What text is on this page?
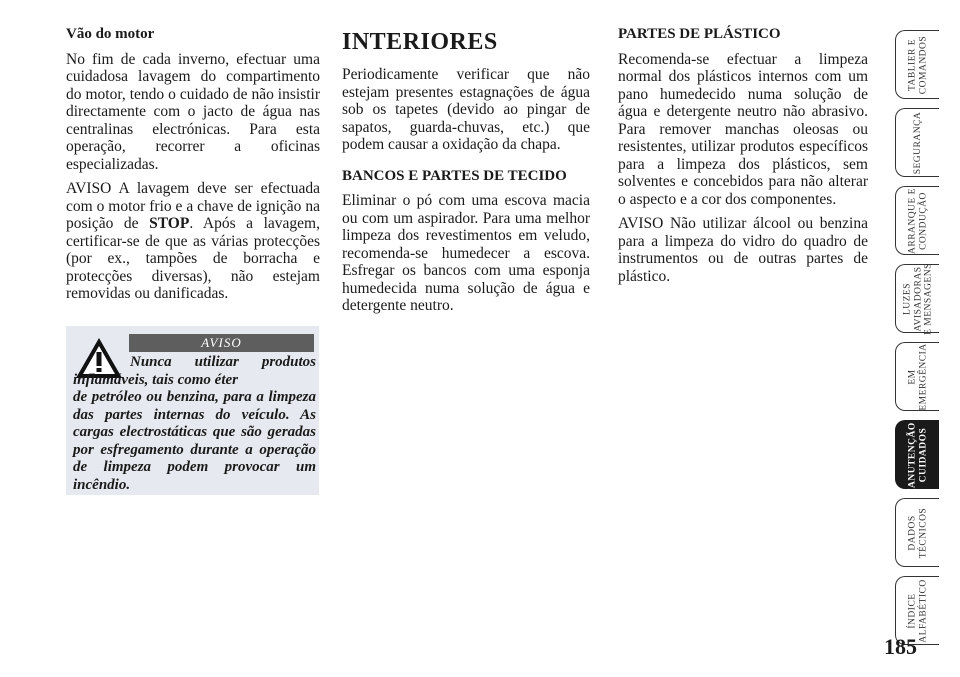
Vão do motor

No fim de cada inverno, efectuar uma cuidadosa lavagem do compartimento do motor, tendo o cuidado de não insistir directamente com o jacto de água nas centralinas electrónicas. Para esta operação, recorrer a oficinas especializadas.

AVISO A lavagem deve ser efectuada com o motor frio e a chave de ignição na posição de STOP. Após a lavagem, certificar-se de que as várias protecções (por ex., tampões de borracha e protecções diversas), não estejam removidas ou danificadas.

AVISO
Nunca utilizar produtos inflamáveis, tais como éter
de petróleo ou benzina, para a limpeza das partes internas do veículo. As cargas electrostáticas que são geradas por esfregamento durante a operação de limpeza podem provocar um incêndio.
INTERIORES

Periodicamente verificar que não estejam presentes estagnações de água sob os tapetes (devido ao pingar de sapatos, guarda-chuvas, etc.) que podem causar a oxidação da chapa.

BANCOS E PARTES DE TECIDO

Eliminar o pó com uma escova macia ou com um aspirador. Para uma melhor limpeza dos revestimentos em veludo, recomenda-se humedecer a escova. Esfregar os bancos com uma esponja humedecida numa solução de água e detergente neutro.

PARTES DE PLÁSTICO

Recomenda-se efectuar a limpeza normal dos plásticos internos com um pano humedecido numa solução de água e detergente neutro não abrasivo. Para remover manchas oleosas ou resistentes, utilizar produtos específicos para a limpeza dos plásticos, sem solventes e concebidos para não alterar o aspecto e a cor dos componentes.

AVISO Não utilizar álcool ou benzina para a limpeza do vidro do quadro de instrumentos ou de outras partes de plástico.

TABLIER E
COMANDOS
SEGURANÇA
ARRANQUE E
CONDUÇÃO
LUZES
AVISADORAS
E MENSAGENS
EM
EMERGÊNCIA
MANUTENÇÃO E
CUIDADOS
DADOS
TÉCNICOS
ÍNDICE
ALFABÉTICO
185
